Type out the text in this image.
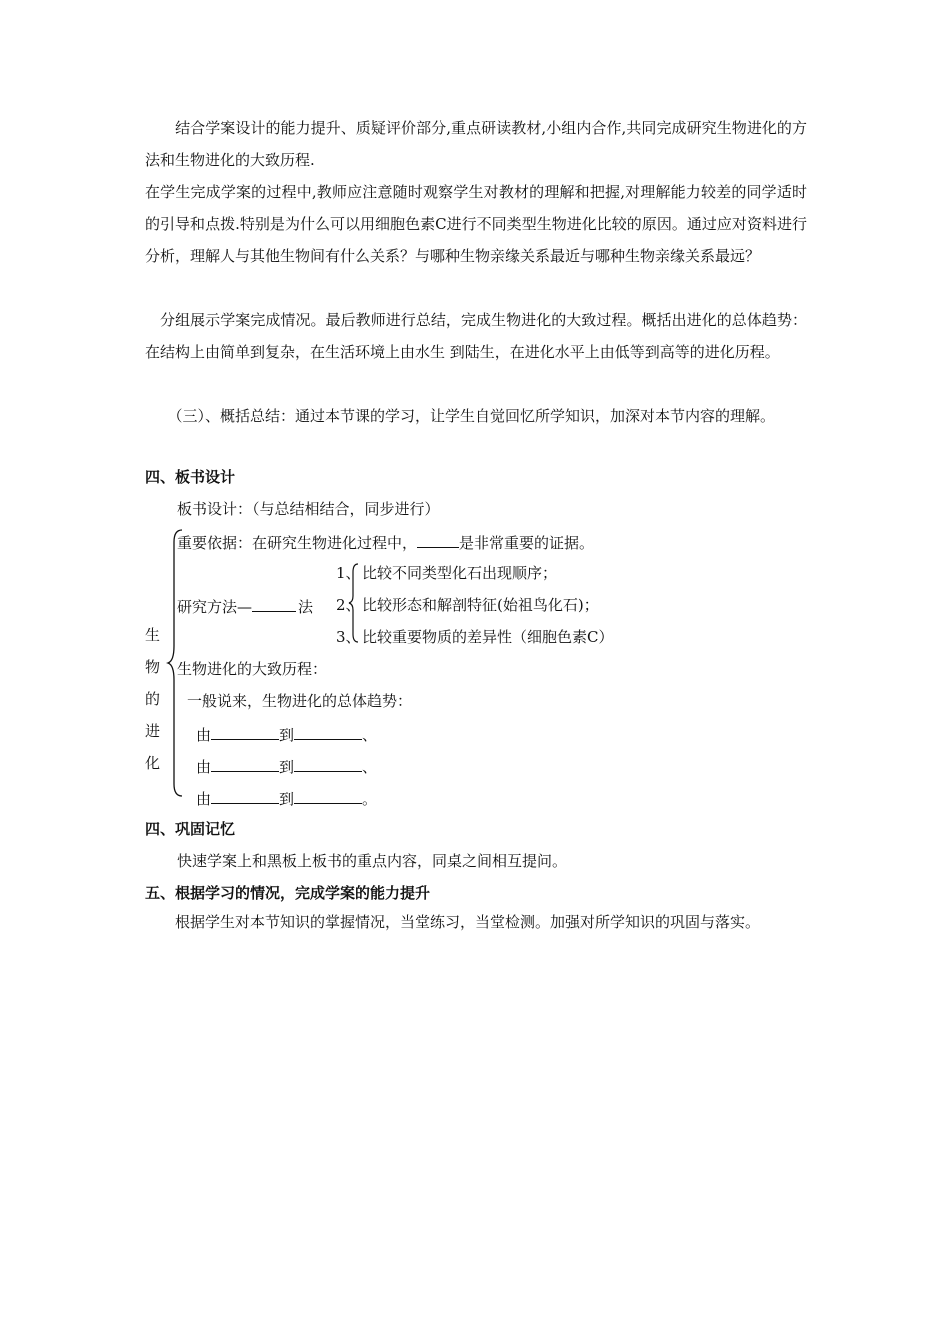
　　结合学案设计的能力提升、质疑评价部分,重点研读教材,小组内合作,共同完成研究生物进化的方法和生物进化的大致历程.
在学生完成学案的过程中,教师应注意随时观察学生对教材的理解和把握,对理解能力较差的同学适时的引导和点拨.特别是为什么可以用细胞色素C进行不同类型生物进化比较的原因。通过应对资料进行分析，理解人与其他生物间有什么关系？与哪种生物亲缘关系最近与哪种生物亲缘关系最远？
　分组展示学案完成情况。最后教师进行总结，完成生物进化的大致过程。概括出进化的总体趋势：在结构上由简单到复杂，在生活环境上由水生 到陆生，在进化水平上由低等到高等的进化历程。
　　（三）、概括总结：通过本节课的学习，让学生自觉回忆所学知识，加深对本节内容的理解。
四、板书设计
板书设计：（与总结相结合，同步进行）
生
物
的
进
化
重要依据：在研究生物进化过程中，	是非常重要的证据。
研究方法—	法
1、
2、
3、
比较不同类型化石出现顺序；
比较形态和解剖特征(始祖鸟化石)；
比较重要物质的差异性（细胞色素C）
生物进化的大致历程：
一般说来，生物进化的总体趋势：
由	到	、
由	到	、
由	到	。
四、巩固记忆
快速学案上和黑板上板书的重点内容，同桌之间相互提问。
五、根据学习的情况，完成学案的能力提升
　　根据学生对本节知识的掌握情况，当堂练习，当堂检测。加强对所学知识的巩固与落实。
